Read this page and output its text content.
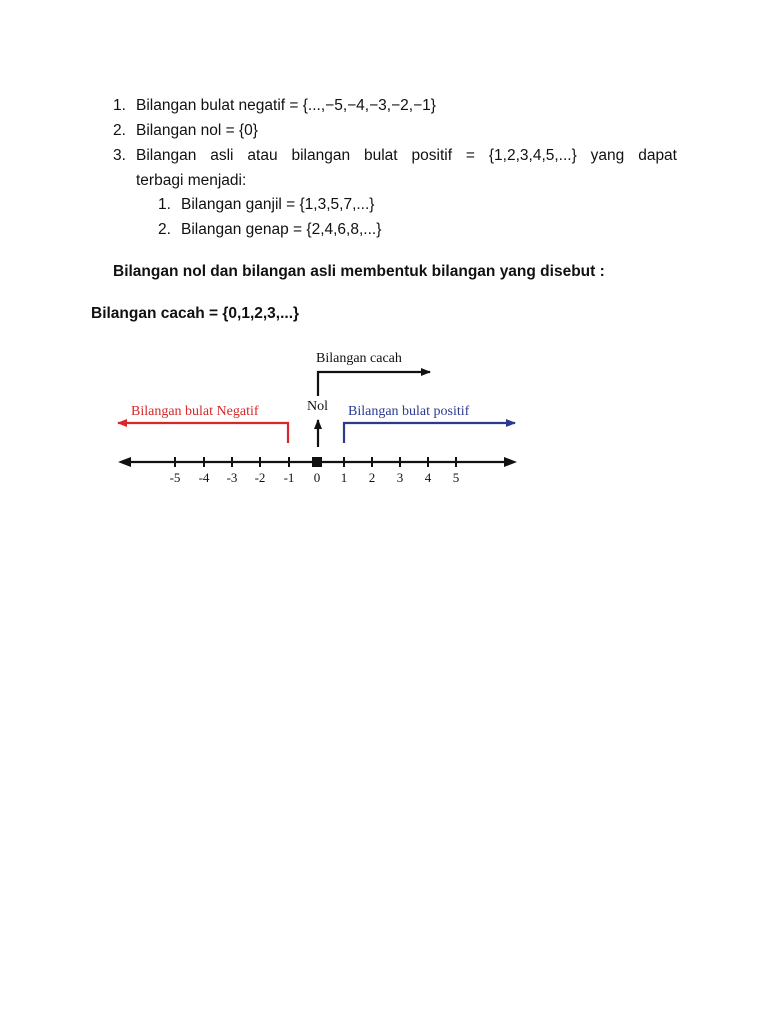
1. Bilangan bulat negatif = {...,−5,−4,−3,−2,−1}
2. Bilangan nol = {0}
3. Bilangan asli atau bilangan bulat positif = {1,2,3,4,5,...} yang dapat
terbagi menjadi:
1. Bilangan ganjil = {1,3,5,7,...}
2. Bilangan genap = {2,4,6,8,...}
Bilangan nol dan bilangan asli membentuk bilangan yang disebut :
Bilangan cacah = {0,1,2,3,...}
Bilangan cacah
Bilangan bulat Negatif	Nol Bilangan bulat positif
-5 -4 -3 -2 -1 0 1 2 3 4 5
